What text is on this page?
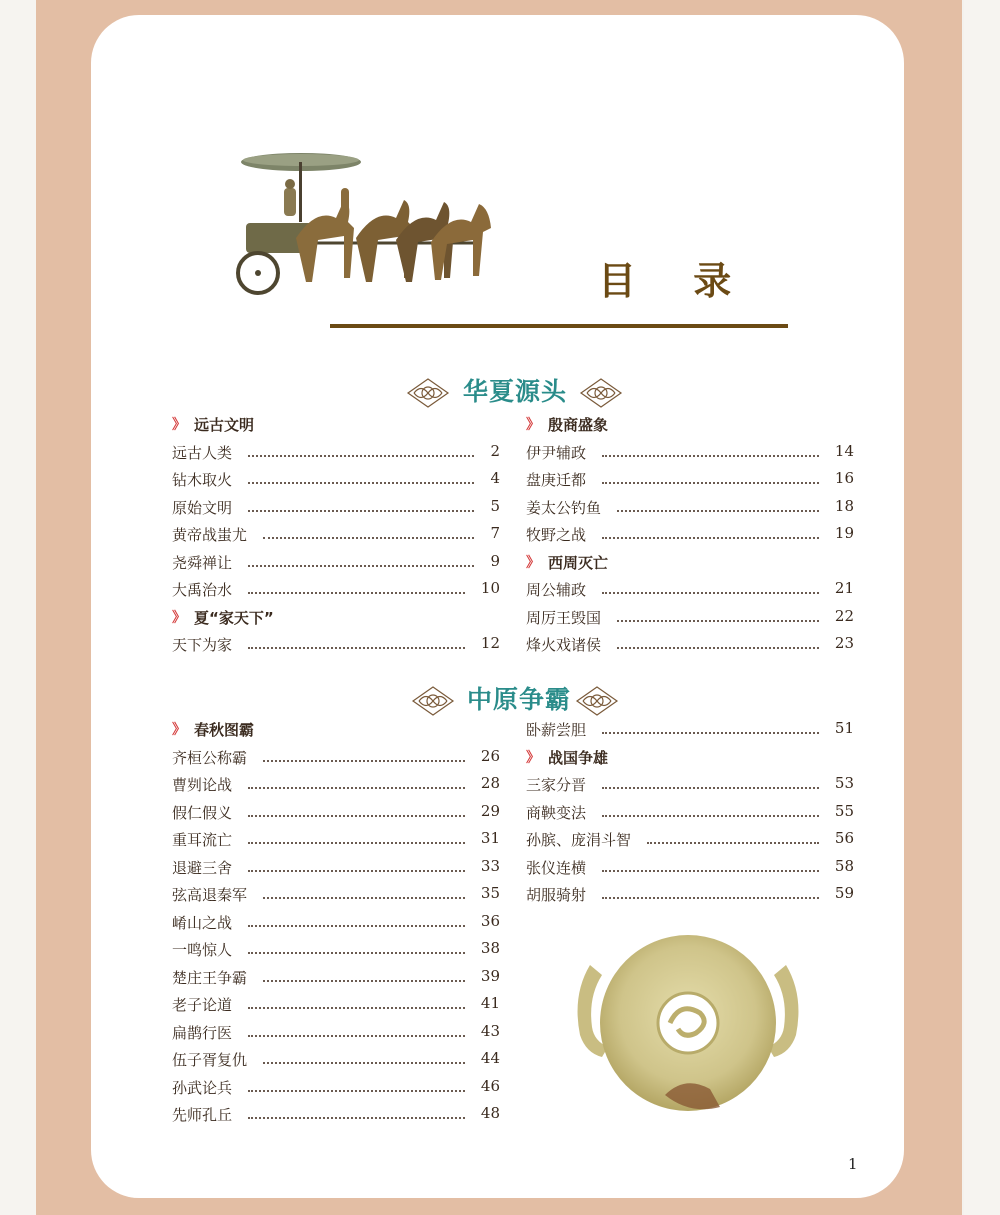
目 录
华夏源头
》 远古文明
远古人类	2
钻木取火	4
原始文明	5
黄帝战蚩尤	7
尧舜禅让	9
大禹治水	10
》 夏“家天下”
天下为家	12
》 殷商盛象
伊尹辅政	14
盘庚迁都	16
姜太公钓鱼	18
牧野之战	19
》 西周灭亡
周公辅政	21
周厉王毁国	22
烽火戏诸侯	23
中原争霸
》 春秋图霸
齐桓公称霸	26
曹刿论战	28
假仁假义	29
重耳流亡	31
退避三舍	33
弦高退秦军	35
崤山之战	36
一鸣惊人	38
楚庄王争霸	39
老子论道	41
扁鹊行医	43
伍子胥复仇	44
孙武论兵	46
先师孔丘	48
卧薪尝胆	51
》 战国争雄
三家分晋	53
商鞅变法	55
孙膑、庞涓斗智	56
张仪连横	58
胡服骑射	59
1
